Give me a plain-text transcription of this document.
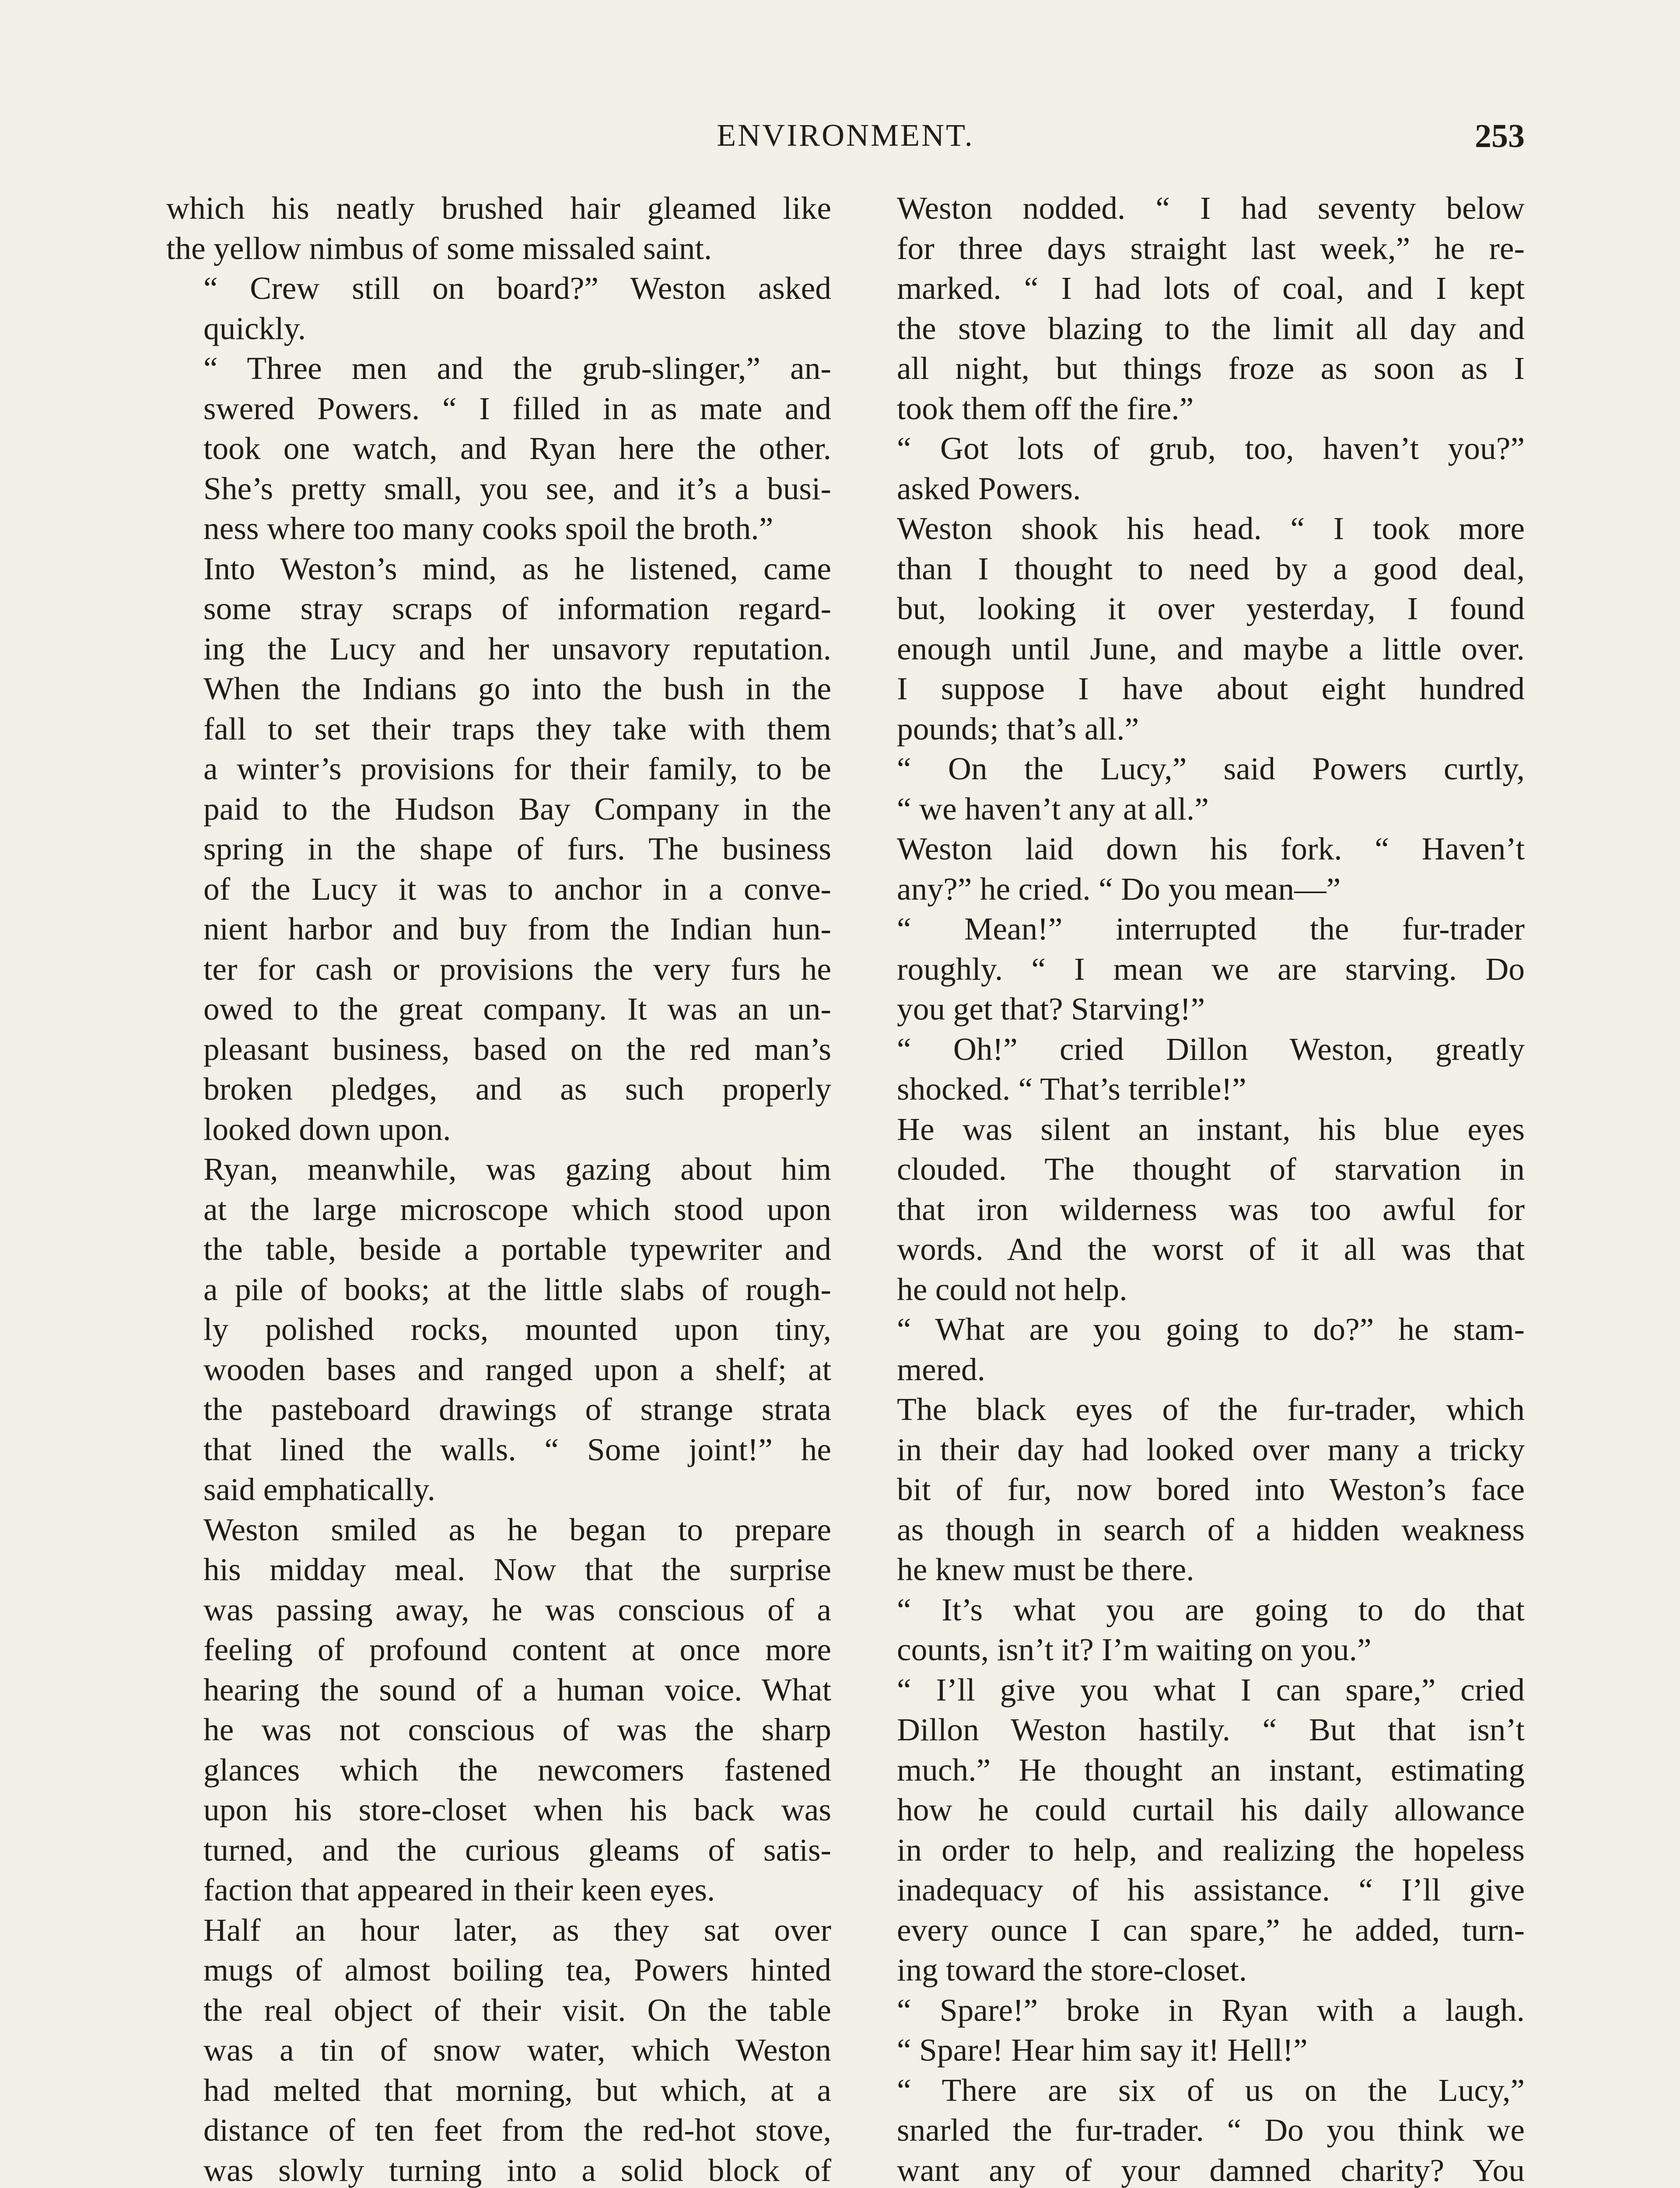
ENVIRONMENT.	253
which his neatly brushed hair gleamed like
the yellow nimbus of some missaled saint.
“ Crew still on board?” Weston asked
quickly.
“ Three men and the grub-slinger,” an-
swered Powers. “ I filled in as mate and
took one watch, and Ryan here the other.
She’s pretty small, you see, and it’s a busi-
ness where too many cooks spoil the broth.”
Into Weston’s mind, as he listened, came
some stray scraps of information regard-
ing the Lucy and her unsavory reputation.
When the Indians go into the bush in the
fall to set their traps they take with them
a winter’s provisions for their family, to be
paid to the Hudson Bay Company in the
spring in the shape of furs. The business
of the Lucy it was to anchor in a conve-
nient harbor and buy from the Indian hun-
ter for cash or provisions the very furs he
owed to the great company. It was an un-
pleasant business, based on the red man’s
broken pledges, and as such properly
looked down upon.
Ryan, meanwhile, was gazing about him
at the large microscope which stood upon
the table, beside a portable typewriter and
a pile of books; at the little slabs of rough-
ly polished rocks, mounted upon tiny,
wooden bases and ranged upon a shelf; at
the pasteboard drawings of strange strata
that lined the walls. “ Some joint!” he
said emphatically.
Weston smiled as he began to prepare
his midday meal. Now that the surprise
was passing away, he was conscious of a
feeling of profound content at once more
hearing the sound of a human voice. What
he was not conscious of was the sharp
glances which the newcomers fastened
upon his store-closet when his back was
turned, and the curious gleams of satis-
faction that appeared in their keen eyes.
Half an hour later, as they sat over
mugs of almost boiling tea, Powers hinted
the real object of their visit. On the table
was a tin of snow water, which Weston
had melted that morning, but which, at a
distance of ten feet from the red-hot stove,
was slowly turning into a solid block of
Weston nodded. “ I had seventy below
for three days straight last week,” he re-
marked. “ I had lots of coal, and I kept
the stove blazing to the limit all day and
all night, but things froze as soon as I
took them off the fire.”
“ Got lots of grub, too, haven’t you?”
asked Powers.
Weston shook his head. “ I took more
than I thought to need by a good deal,
but, looking it over yesterday, I found
enough until June, and maybe a little over.
I suppose I have about eight hundred
pounds; that’s all.”
“ On the Lucy,” said Powers curtly,
“ we haven’t any at all.”
Weston laid down his fork. “ Haven’t
any?” he cried. “ Do you mean—”
“ Mean!” interrupted the fur-trader
roughly. “ I mean we are starving. Do
you get that? Starving!”
“ Oh!” cried Dillon Weston, greatly
shocked. “ That’s terrible!”
He was silent an instant, his blue eyes
clouded. The thought of starvation in
that iron wilderness was too awful for
words. And the worst of it all was that
he could not help.
“ What are you going to do?” he stam-
mered.
The black eyes of the fur-trader, which
in their day had looked over many a tricky
bit of fur, now bored into Weston’s face
as though in search of a hidden weakness
he knew must be there.
“ It’s what you are going to do that
counts, isn’t it? I’m waiting on you.”
“ I’ll give you what I can spare,” cried
Dillon Weston hastily. “ But that isn’t
much.” He thought an instant, estimating
how he could curtail his daily allowance
in order to help, and realizing the hopeless
inadequacy of his assistance. “ I’ll give
every ounce I can spare,” he added, turn-
ing toward the store-closet.
“ Spare!” broke in Ryan with a laugh.
“ Spare! Hear him say it! Hell!”
“ There are six of us on the Lucy,”
snarled the fur-trader. “ Do you think we
want any of your damned charity? You
